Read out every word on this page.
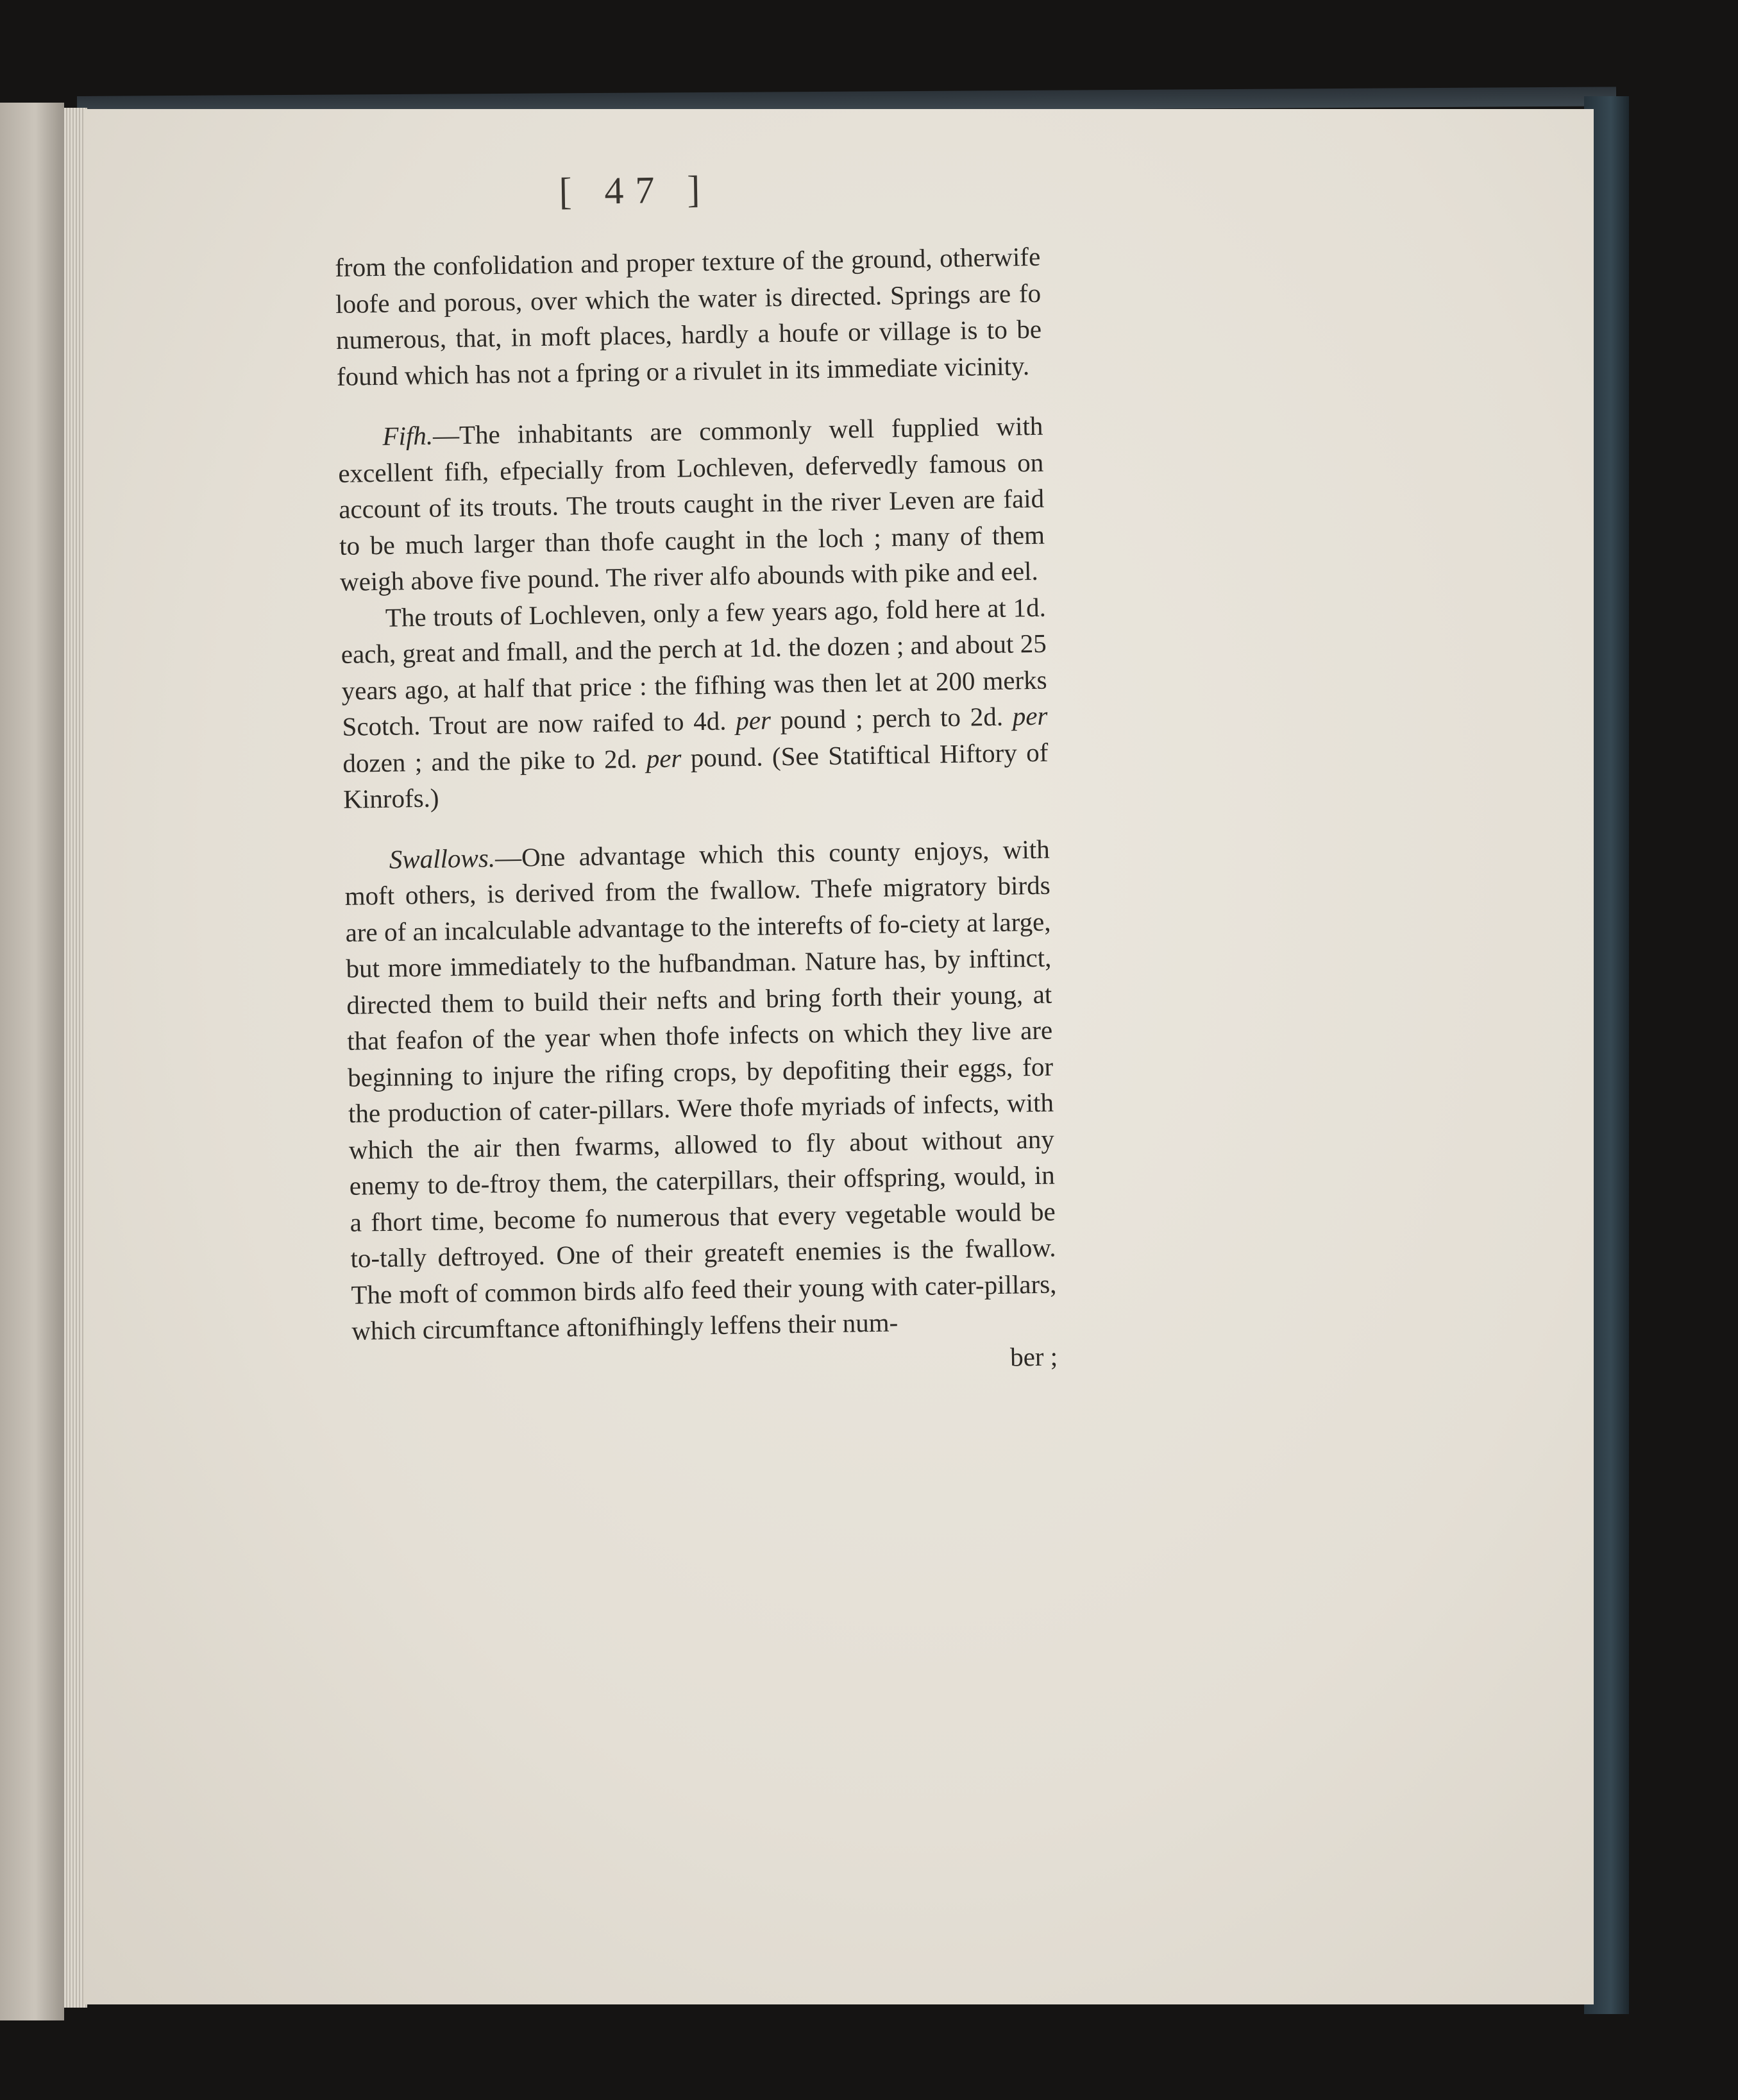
[ 47 ]

from the confolidation and proper texture of the ground, otherwife loofe and porous, over which the water is directed. Springs are fo numerous, that, in moft places, hardly a houfe or village is to be found which has not a fpring or a rivulet in its immediate vicinity.

Fifh.—The inhabitants are commonly well fupplied with excellent fifh, efpecially from Lochleven, defervedly famous on account of its trouts. The trouts caught in the river Leven are faid to be much larger than thofe caught in the loch ; many of them weigh above five pound. The river alfo abounds with pike and eel.

The trouts of Lochleven, only a few years ago, fold here at 1d. each, great and fmall, and the perch at 1d. the dozen ; and about 25 years ago, at half that price : the fifhing was then let at 200 merks Scotch. Trout are now raifed to 4d. per pound ; perch to 2d. per dozen ; and the pike to 2d. per pound. (See Statiftical Hiftory of Kinrofs.)

Swallows.—One advantage which this county enjoys, with moft others, is derived from the fwallow. Thefe migratory birds are of an incalculable advantage to the interefts of fo-ciety at large, but more immediately to the hufbandman. Nature has, by inftinct, directed them to build their nefts and bring forth their young, at that feafon of the year when thofe infects on which they live are beginning to injure the rifing crops, by depofiting their eggs, for the production of cater-pillars. Were thofe myriads of infects, with which the air then fwarms, allowed to fly about without any enemy to de-ftroy them, the caterpillars, their offspring, would, in a fhort time, become fo numerous that every vegetable would be to-tally deftroyed. One of their greateft enemies is the fwallow. The moft of common birds alfo feed their young with cater-pillars, which circumftance aftonifhingly leffens their num-

ber ;
